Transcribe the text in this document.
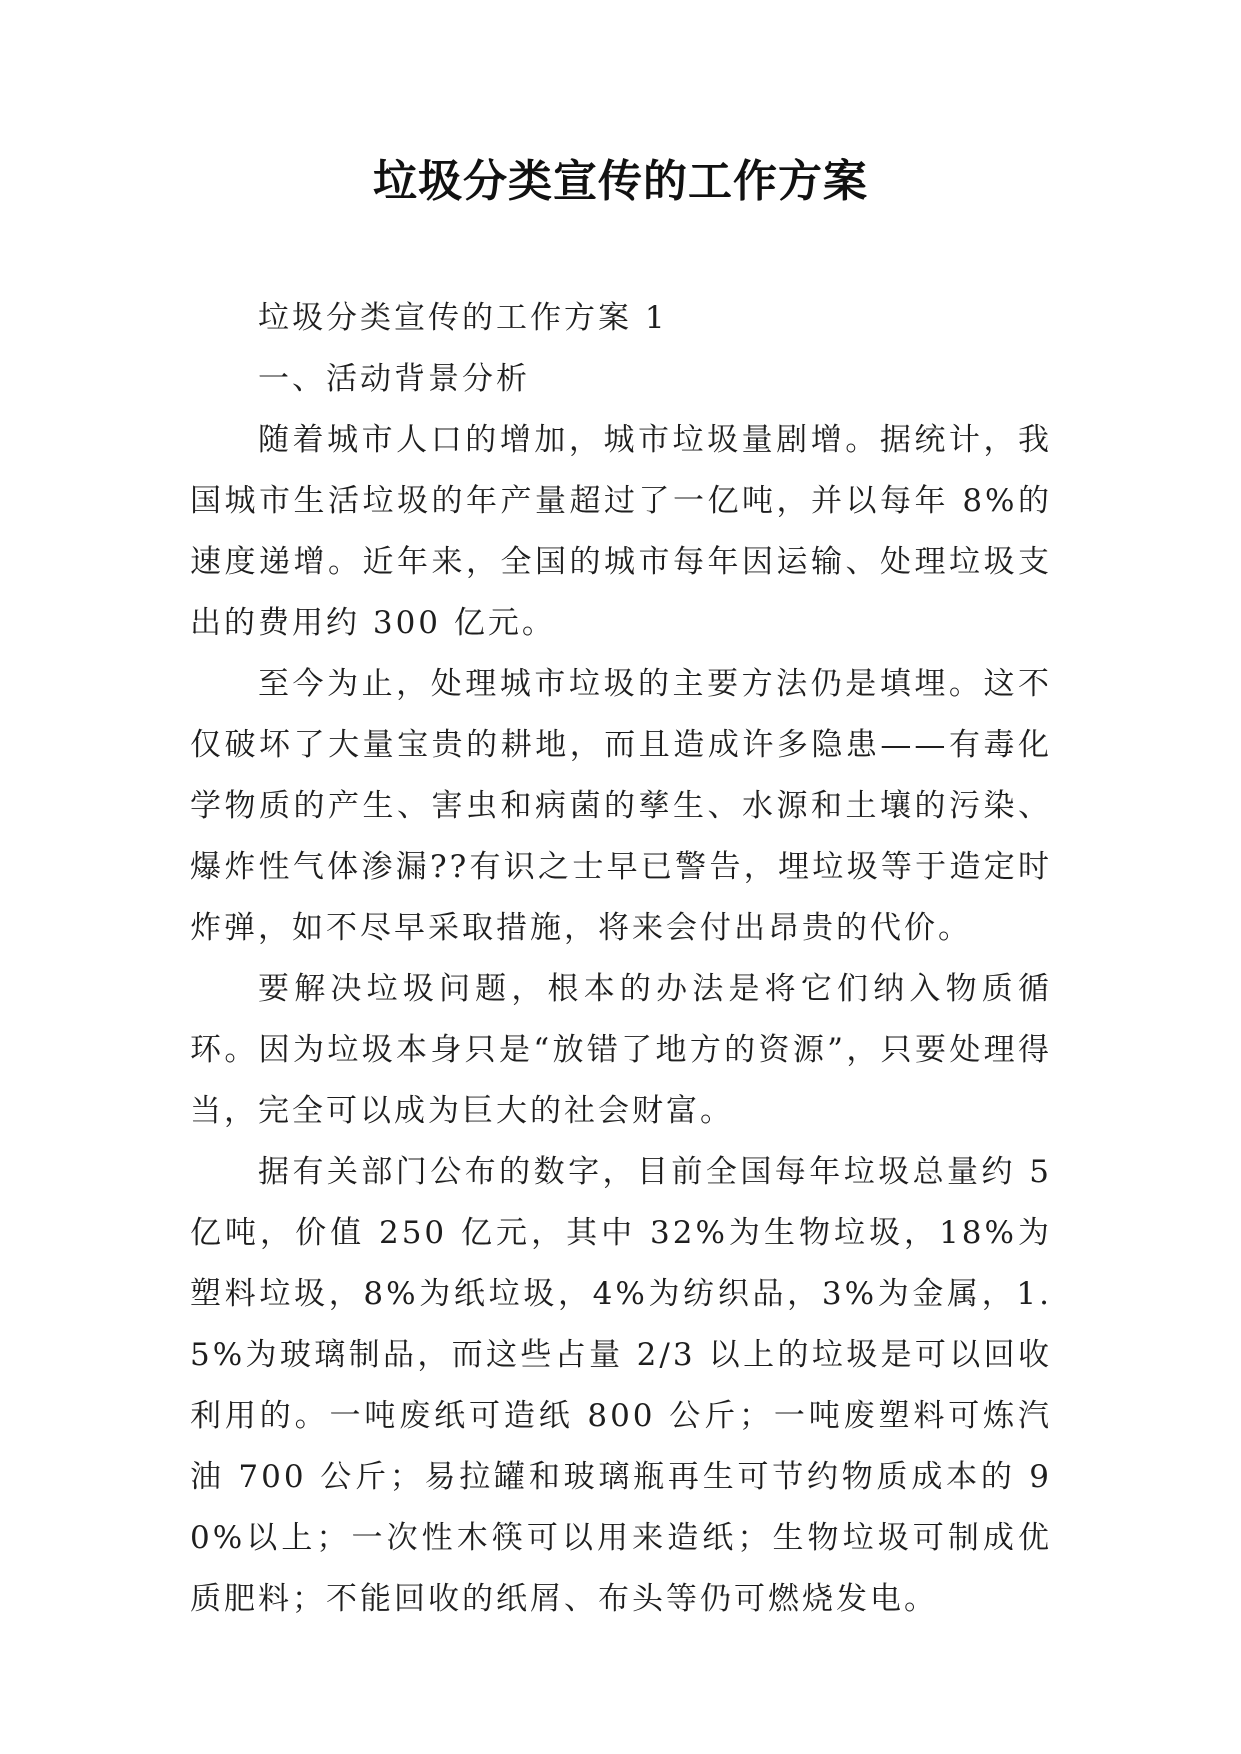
垃圾分类宣传的工作方案

垃圾分类宣传的工作方案 1

一、活动背景分析

随着城市人口的增加，城市垃圾量剧增。据统计，我国城市生活垃圾的年产量超过了一亿吨，并以每年 8%的速度递增。近年来，全国的城市每年因运输、处理垃圾支出的费用约 300 亿元。

至今为止，处理城市垃圾的主要方法仍是填埋。这不仅破坏了大量宝贵的耕地，而且造成许多隐患——有毒化学物质的产生、害虫和病菌的孳生、水源和土壤的污染、爆炸性气体渗漏??有识之士早已警告，埋垃圾等于造定时炸弹，如不尽早采取措施，将来会付出昂贵的代价。

要解决垃圾问题，根本的办法是将它们纳入物质循环。因为垃圾本身只是“放错了地方的资源”，只要处理得当，完全可以成为巨大的社会财富。

据有关部门公布的数字，目前全国每年垃圾总量约 5 亿吨，价值 250 亿元，其中 32%为生物垃圾，18%为塑料垃圾，8%为纸垃圾，4%为纺织品，3%为金属，1.5%为玻璃制品，而这些占量 2/3 以上的垃圾是可以回收利用的。一吨废纸可造纸 800 公斤；一吨废塑料可炼汽油 700 公斤；易拉罐和玻璃瓶再生可节约物质成本的 90%以上；一次性木筷可以用来造纸；生物垃圾可制成优质肥料；不能回收的纸屑、布头等仍可燃烧发电。
